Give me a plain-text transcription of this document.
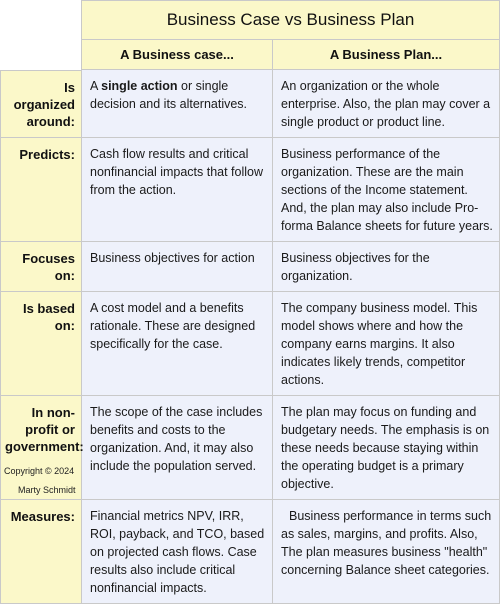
	Business Case vs Business Plan	
	A Business case...	A Business Plan...
Is organized around:	A single action or single decision and its alternatives.	An organization or the whole enterprise. Also, the plan may cover a single product or product line.
Predicts:	Cash flow results and critical nonfinancial impacts that follow from the action.	Business performance of the organization. These are the main sections of the Income statement. And, the plan may also include Pro-forma Balance sheets for future years.
Focuses on:	Business objectives for action	Business objectives for the organization.
Is based on:	A cost model and a benefits rationale. These are designed specifically for the case.	The company business model. This model shows where and how the company earns margins. It also indicates likely trends, competitor actions.
In non-profit or government:	The scope of the case includes benefits and costs to the organization. And, it may also include the population served.	The plan may focus on funding and budgetary needs. The emphasis is on these needs because staying within the operating budget is a primary objective.
Measures:	Financial metrics NPV, IRR, ROI, payback, and TCO, based on projected cash flows. Case results also include critical nonfinancial impacts.	Business performance in terms such as sales, margins, and profits. Also, The plan measures business "health" concerning Balance sheet categories.
Copyright © 2024
Marty Schmidt
